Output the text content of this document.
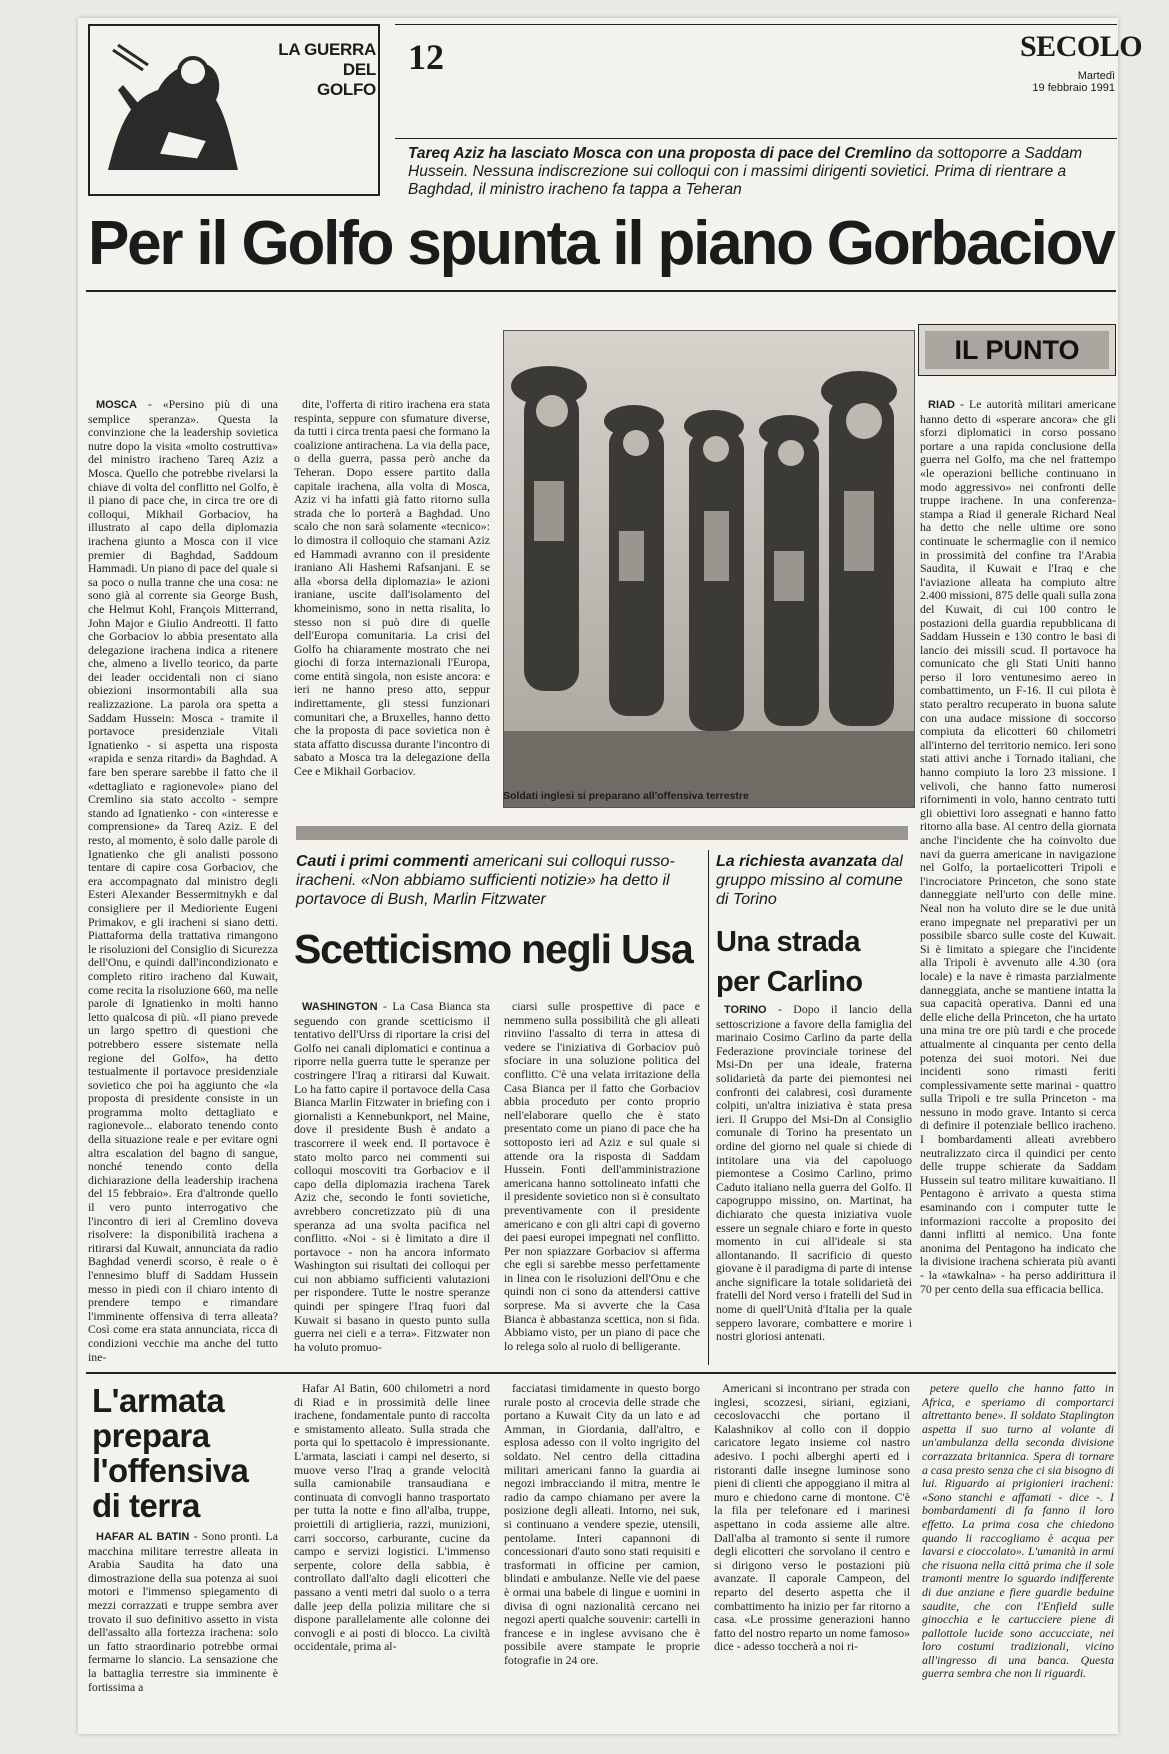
LA GUERRA
DEL
GOLFO
12	SECOLO
Martedì
19 febbraio 1991
Tareq Aziz ha lasciato Mosca con una proposta di pace del Cremlino da sottoporre a Saddam Hussein. Nessuna indiscrezione sui colloqui con i massimi dirigenti sovietici. Prima di rientrare a Baghdad, il ministro iracheno fa tappa a Teheran
Per il Golfo spunta il piano Gorbaciov

MOSCA - «Persino più di una semplice speranza». Questa la convinzione che la leadership sovietica nutre dopo la visita «molto costruttiva» del ministro iracheno Tareq Aziz a Mosca. Quello che potrebbe rivelarsi la chiave di volta del conflitto nel Golfo, è il piano di pace che, in circa tre ore di colloqui, Mikhail Gorbaciov, ha illustrato al capo della diplomazia irachena giunto a Mosca con il vice premier di Baghdad, Saddoum Hammadi. Un piano di pace del quale si sa poco o nulla tranne che una cosa: ne sono già al corrente sia George Bush, che Helmut Kohl, François Mitterrand, John Major e Giulio Andreotti. Il fatto che Gorbaciov lo abbia presentato alla delegazione irachena indica a ritenere che, almeno a livello teorico, da parte dei leader occidentali non ci siano obiezioni insormontabili alla sua realizzazione. La parola ora spetta a Saddam Hussein: Mosca - tramite il portavoce presidenziale Vitali Ignatienko - si aspetta una risposta «rapida e senza ritardi» da Baghdad. A fare ben sperare sarebbe il fatto che il «dettagliato e ragionevole» piano del Cremlino sia stato accolto - sempre stando ad Ignatienko - con «interesse e comprensione» da Tareq Aziz. E del resto, al momento, è solo dalle parole di Ignatienko che gli analisti possono tentare di capire cosa Gorbaciov, che era accompagnato dal ministro degli Esteri Alexander Bessermitnykh e dal consigliere per il Medioriente Eugeni Primakov, e gli iracheni si siano detti. Piattaforma della trattativa rimangono le risoluzioni del Consiglio di Sicurezza dell'Onu, e quindi dall'incondizionato e completo ritiro iracheno dal Kuwait, come recita la risoluzione 660, ma nelle parole di Ignatienko in molti hanno letto qualcosa di più. «Il piano prevede un largo spettro di questioni che potrebbero essere sistemate nella regione del Golfo», ha detto testualmente il portavoce presidenziale sovietico che poi ha aggiunto che «la proposta di presidente consiste in un programma molto dettagliato e ragionevole... elaborato tenendo conto della situazione reale e per evitare ogni altra escalation del bagno di sangue, nonché tenendo conto della dichiarazione della leadership irachena del 15 febbraio». Era d'altronde quello il vero punto interrogativo che l'incontro di ieri al Cremlino doveva risolvere: la disponibilità irachena a ritirarsi dal Kuwait, annunciata da radio Baghdad venerdì scorso, è reale o è l'ennesimo bluff di Saddam Hussein messo in piedi con il chiaro intento di prendere tempo e rimandare l'imminente offensiva di terra alleata? Così come era stata annunciata, ricca di condizioni vecchie ma anche del tutto ine-

dite, l'offerta di ritiro irachena era stata respinta, seppure con sfumature diverse, da tutti i circa trenta paesi che formano la coalizione antirachena. La via della pace, o della guerra, passa però anche da Teheran. Dopo essere partito dalla capitale irachena, alla volta di Mosca, Aziz vi ha infatti già fatto ritorno sulla strada che lo porterà a Baghdad. Uno scalo che non sarà solamente «tecnico»: lo dimostra il colloquio che stamani Aziz ed Hammadi avranno con il presidente iraniano Ali Hashemi Rafsanjani. E se alla «borsa della diplomazia» le azioni iraniane, uscite dall'isolamento del khomeinismo, sono in netta risalita, lo stesso non si può dire di quelle dell'Europa comunitaria. La crisi del Golfo ha chiaramente mostrato che nei giochi di forza internazionali l'Europa, come entità singola, non esiste ancora: e ieri ne hanno preso atto, seppur indirettamente, gli stessi funzionari comunitari che, a Bruxelles, hanno detto che la proposta di pace sovietica non è stata affatto discussa durante l'incontro di sabato a Mosca tra la delegazione della Cee e Mikhail Gorbaciov.

Soldati inglesi si preparano all'offensiva terrestre
IL PUNTO

RIAD - Le autorità militari americane hanno detto di «sperare ancora» che gli sforzi diplomatici in corso possano portare a una rapida conclusione della guerra nel Golfo, ma che nel frattempo «le operazioni belliche continuano in modo aggressivo» nei confronti delle truppe irachene. In una conferenza-stampa a Riad il generale Richard Neal ha detto che nelle ultime ore sono continuate le schermaglie con il nemico in prossimità del confine tra l'Arabia Saudita, il Kuwait e l'Iraq e che l'aviazione alleata ha compiuto altre 2.400 missioni, 875 delle quali sulla zona del Kuwait, di cui 100 contro le postazioni della guardia repubblicana di Saddam Hussein e 130 contro le basi di lancio dei missili scud. Il portavoce ha comunicato che gli Stati Uniti hanno perso il loro ventunesimo aereo in combattimento, un F-16. Il cui pilota è stato peraltro recuperato in buona salute con una audace missione di soccorso compiuta da elicotteri 60 chilometri all'interno del territorio nemico. Ieri sono stati attivi anche i Tornado italiani, che hanno compiuto la loro 23 missione. I velivoli, che hanno fatto numerosi rifornimenti in volo, hanno centrato tutti gli obiettivi loro assegnati e hanno fatto ritorno alla base. Al centro della giornata anche l'incidente che ha coinvolto due navi da guerra americane in navigazione nel Golfo, la portaelicotteri Tripoli e l'incrociatore Princeton, che sono state danneggiate nell'urto con delle mine. Neal non ha voluto dire se le due unità erano impegnate nel preparativi per un possibile sbarco sulle coste del Kuwait. Si è limitato a spiegare che l'incidente alla Tripoli è avvenuto alle 4.30 (ora locale) e la nave è rimasta parzialmente danneggiata, anche se mantiene intatta la sua capacità operativa. Danni ed una delle eliche della Princeton, che ha urtato una mina tre ore più tardi e che procede attualmente al cinquanta per cento della potenza dei suoi motori. Nei due incidenti sono rimasti feriti complessivamente sette marinai - quattro sulla Tripoli e tre sulla Princeton - ma nessuno in modo grave. Intanto si cerca di definire il potenziale bellico iracheno. I bombardamenti alleati avrebbero neutralizzato circa il quindici per cento delle truppe schierate da Saddam Hussein sul teatro militare kuwaitiano. Il Pentagono è arrivato a questa stima esaminando con i computer tutte le informazioni raccolte a proposito dei danni inflitti al nemico. Una fonte anonima del Pentagono ha indicato che la divisione irachena schierata più avanti - la «tawkalna» - ha perso addirittura il 70 per cento della sua efficacia bellica.

Cauti i primi commenti americani sui colloqui russo-iracheni. «Non abbiamo sufficienti notizie» ha detto il portavoce di Bush, Marlin Fitzwater
Scetticismo negli Usa

WASHINGTON - La Casa Bianca sta seguendo con grande scetticismo il tentativo dell'Urss di riportare la crisi del Golfo nei canali diplomatici e continua a riporre nella guerra tutte le speranze per costringere l'Iraq a ritirarsi dal Kuwait. Lo ha fatto capire il portavoce della Casa Bianca Marlin Fitzwater in briefing con i giornalisti a Kennebunkport, nel Maine, dove il presidente Bush è andato a trascorrere il week end. Il portavoce è stato molto parco nei commenti sui colloqui moscoviti tra Gorbaciov e il capo della diplomazia irachena Tarek Aziz che, secondo le fonti sovietiche, avrebbero concretizzato più di una speranza ad una svolta pacifica nel conflitto. «Noi - si è limitato a dire il portavoce - non ha ancora informato Washington sui risultati dei colloqui per cui non abbiamo sufficienti valutazioni per rispondere. Tutte le nostre speranze quindi per spingere l'Iraq fuori dal Kuwait si basano in questo punto sulla guerra nei cieli e a terra». Fitzwater non ha voluto promuo-

ciarsi sulle prospettive di pace e nemmeno sulla possibilità che gli alleati rinviino l'assalto di terra in attesa di vedere se l'iniziativa di Gorbaciov può sfociare in una soluzione politica del conflitto. C'è una velata irritazione della Casa Bianca per il fatto che Gorbaciov abbia proceduto per conto proprio nell'elaborare quello che è stato presentato come un piano di pace che ha sottoposto ieri ad Aziz e sul quale si attende ora la risposta di Saddam Hussein. Fonti dell'amministrazione americana hanno sottolineato infatti che il presidente sovietico non si è consultato preventivamente con il presidente americano e con gli altri capi di governo dei paesi europei impegnati nel conflitto. Per non spiazzare Gorbaciov si afferma che egli si sarebbe messo perfettamente in linea con le risoluzioni dell'Onu e che quindi non ci sono da attendersi cattive sorprese. Ma si avverte che la Casa Bianca è abbastanza scettica, non si fida. Abbiamo visto, per un piano di pace che lo relega solo al ruolo di belligerante.

La richiesta avanzata dal gruppo missino al comune di Torino
Una strada
per Carlino

TORINO - Dopo il lancio della settoscrizione a favore della famiglia del marinaio Cosimo Carlino da parte della Federazione provinciale torinese del Msi-Dn per una ideale, fraterna solidarietà da parte dei piemontesi nei confronti dei calabresi, così duramente colpiti, un'altra iniziativa è stata presa ieri. Il Gruppo del Msi-Dn al Consiglio comunale di Torino ha presentato un ordine del giorno nel quale si chiede di intitolare una via del capoluogo piemontese a Cosimo Carlino, primo Caduto italiano nella guerra del Golfo. Il capogruppo missino, on. Martinat, ha dichiarato che questa iniziativa vuole essere un segnale chiaro e forte in questo momento in cui all'ideale si sta allontanando. Il sacrificio di questo giovane è il paradigma di parte di intense anche significare la totale solidarietà dei fratelli del Nord verso i fratelli del Sud in nome di quell'Unità d'Italia per la quale seppero lavorare, combattere e morire i nostri gloriosi antenati.

L'armata
prepara
l'offensiva
di terra

HAFAR AL BATIN - Sono pronti. La macchina militare terrestre alleata in Arabia Saudita ha dato una dimostrazione della sua potenza ai suoi motori e l'immenso spiegamento di mezzi corrazzati e truppe sembra aver trovato il suo definitivo assetto in vista dell'assalto alla fortezza irachena: solo un fatto straordinario potrebbe ormai fermarne lo slancio. La sensazione che la battaglia terrestre sia imminente è fortissima a

Hafar Al Batin, 600 chilometri a nord di Riad e in prossimità delle linee irachene, fondamentale punto di raccolta e smistamento alleato. Sulla strada che porta qui lo spettacolo è impressionante. L'armata, lasciati i campi nel deserto, si muove verso l'Iraq a grande velocità sulla camionabile transaudiana e continuata di convogli hanno trasportato per tutta la notte e fino all'alba, truppe, proiettili di artiglieria, razzi, munizioni, carri soccorso, carburante, cucine da campo e servizi logistici. L'immenso serpente, colore della sabbia, è controllato dall'alto dagli elicotteri che passano a venti metri dal suolo o a terra dalle jeep della polizia militare che si dispone parallelamente alle colonne dei convogli e ai posti di blocco. La civiltà occidentale, prima al-

facciatasi timidamente in questo borgo rurale posto al crocevia delle strade che portano a Kuwait City da un lato e ad Amman, in Giordania, dall'altro, e esplosa adesso con il volto ingrigito del soldato. Nel centro della cittadina militari americani fanno la guardia ai negozi imbracciando il mitra, mentre le radio da campo chiamano per avere la posizione degli alleati. Intorno, nei suk, si continuano a vendere spezie, utensili, pentolame. Interi capannoni di concessionari d'auto sono stati requisiti e trasformati in officine per camion, blindati e ambulanze. Nelle vie del paese è ormai una babele di lingue e uomini in divisa di ogni nazionalità cercano nei negozi aperti qualche souvenir: cartelli in francese e in inglese avvisano che è possibile avere stampate le proprie fotografie in 24 ore.

Americani si incontrano per strada con inglesi, scozzesi, siriani, egiziani, cecoslovacchi che portano il Kalashnikov al collo con il doppio caricatore legato insieme col nastro adesivo. I pochi alberghi aperti ed i ristoranti dalle insegne luminose sono pieni di clienti che appoggiano il mitra al muro e chiedono carne di montone. C'è la fila per telefonare ed i marinesi aspettano in coda assieme alle altre. Dall'alba al tramonto si sente il rumore degli elicotteri che sorvolano il centro e si dirigono verso le postazioni più avanzate. Il caporale Campeon, del reparto del deserto aspetta che il combattimento ha inizio per far ritorno a casa. «Le prossime generazioni hanno fatto del nostro reparto un nome famoso» dice - adesso toccherà a noi ri-

petere quello che hanno fatto in Africa, e speriamo di comportarci altrettanto bene». Il soldato Staplington aspetta il suo turno al volante di un'ambulanza della seconda divisione corrazzata britannica. Spera di tornare a casa presto senza che ci sia bisogno di lui. Riguardo ai prigionieri iracheni: «Sono stanchi e affamati - dice -. I bombardamenti di fa fanno il loro effetto. La prima cosa che chiedono quando li raccogliamo è acqua per lavarsi e cioccolato». L'umanità in armi che risuona nella città prima che il sole tramonti mentre lo sguardo indifferente di due anziane e fiere guardie beduine saudite, che con l'Enfield sulle ginocchia e le cartucciere piene di pallottole lucide sono accucciate, nei loro costumi tradizionali, vicino all'ingresso di una banca. Questa guerra sembra che non li riguardi.
